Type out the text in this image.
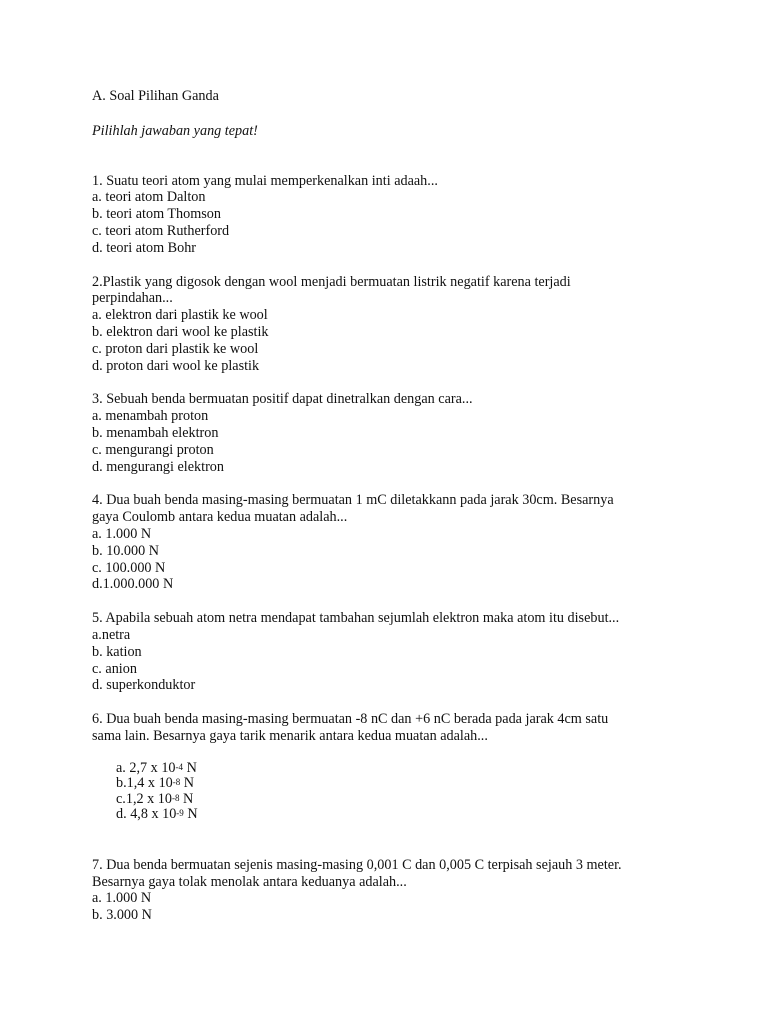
A. Soal Pilihan Ganda
Pilihlah jawaban yang tepat!
1. Suatu teori atom yang mulai memperkenalkan inti adaah...
a. teori atom Dalton
b. teori atom Thomson
c. teori atom Rutherford
d. teori atom Bohr
2.Plastik yang digosok dengan wool menjadi bermuatan listrik negatif karena terjadi
perpindahan...
a. elektron dari plastik ke wool
b. elektron dari wool ke plastik
c. proton dari plastik ke wool
d. proton dari wool ke plastik
3. Sebuah benda bermuatan positif dapat dinetralkan dengan cara...
a. menambah proton
b. menambah elektron
c. mengurangi proton
d. mengurangi elektron
4. Dua buah benda masing-masing bermuatan 1 mC diletakkann pada jarak 30cm. Besarnya
gaya Coulomb antara kedua muatan adalah...
a. 1.000 N
b. 10.000 N
c. 100.000 N
d.1.000.000 N
5. Apabila sebuah atom netra mendapat tambahan sejumlah elektron maka atom itu disebut...
a.netra
b. kation
c. anion
d. superkonduktor
6. Dua buah benda masing-masing bermuatan -8 nC dan +6 nC berada pada jarak 4cm satu
sama lain. Besarnya gaya tarik menarik antara kedua muatan adalah...
a. 2,7 x $10^{-4}$ N
b.1,4 x $10^{-8}$ N
c.1,2 x $10^{-8}$ N
d. 4,8 x $10^{-9}$ N
7. Dua benda bermuatan sejenis masing-masing 0,001 C dan 0,005 C terpisah sejauh 3 meter.
Besarnya gaya tolak menolak antara keduanya adalah...
a. 1.000 N
b. 3.000 N
